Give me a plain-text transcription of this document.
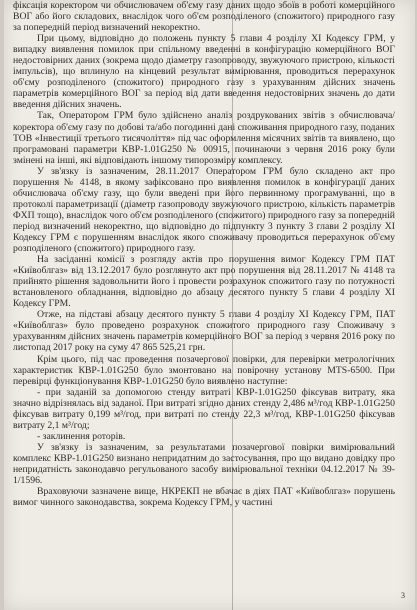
фіксація коректором чи обчислювачем об'єму газу даних щодо збоїв в роботі комерційного ВОГ або його складових, внаслідок чого об'єм розподіленого (спожитого) природного газу за попередній період визначений некоректно.

При цьому, відповідно до положень пункту 5 глави 4 розділу XI Кодексу ГРМ, у випадку виявлення помилок при спільному введенні в конфігурацію комерційного ВОГ недостовірних даних (зокрема щодо діаметру газопроводу, звужуючого пристрою, кількості імпульсів), що вплинуло на кінцевий результат вимірювання, проводиться перерахунок об'єму розподіленого (спожитого) природного газу з урахуванням дійсних значень параметрів комерційного ВОГ за період від дати введення недостовірних значень до дати введення дійсних значень.

Так, Оператором ГРМ було здійснено аналіз роздрукованих звітів з обчислювача/коректора об'єму газу по добові та/або погодинні дані споживання природного газу, поданих ТОВ «Інвестиції третього тисячоліття» під час оформлення місячних звітів та виявлено, що програмовані параметри КВР-1.01G250 № 00915, починаючи з червня 2016 року були змінені на інші, які відповідають іншому типорозміру комплексу.

У зв'язку із зазначеним, 28.11.2017 Оператором ГРМ було складено акт про порушення № 4148, в якому зафіксовано про виявлення помилок в конфігурації даних обчислювача об'єму газу, що були введені при його первинному програмуванні, що в протоколі параметризації (діаметр газопроводу звужуючого пристрою, кількість параметрів ФХП тощо), внаслідок чого об'єм розподіленого (спожитого) природного газу за попередній період визначений некоректно, що відповідно до підпункту 3 пункту 3 глави 2 розділу XI Кодексу ГРМ є порушенням внаслідок якого споживачу проводиться перерахунок об'єму розподіленого (спожитого) природного газу.

На засіданні комісії з розгляду актів про порушення вимог Кодексу ГРМ ПАТ «Київоблгаз» від 13.12.2017 було розглянуто акт про порушення від 28.11.2017 № 4148 та прийнято рішення задовольнити його і провести розрахунок спожитого газу по потужності встановленого обладнання, відповідно до абзацу десятого пункту 5 глави 4 розділу XI Кодексу ГРМ.

Отже, на підставі абзацу десятого пункту 5 глави 4 розділу XI Кодексу ГРМ, ПАТ «Київоблгаз» було проведено розрахунок спожитого природного газу Споживачу з урахуванням дійсних значень параметрів комерційного ВОГ за період з червня 2016 року по листопад 2017 року на суму 47 865 525,21 грн.

Крім цього, під час проведення позачергової повірки, для перевірки метрологічних характеристик КВР-1.01G250 було змонтовано на повірочну установу MTS-6500. При перевірці функціонування КВР-1.01G250 було виявлено наступне:

- при заданій за допомогою стенду витраті КВР-1.01G250 фіксував витрату, яка значно відрізнялась від заданої. При витраті згідно даних стенду 2,486 м³/год КВР-1.01G250 фіксував витрату 0,199 м³/год, при витраті по стенду 22,3 м³/год, КВР-1.01G250 фіксував витрату 2,1 м³/год;

- заклинення роторів.

У зв'язку із зазначеним, за результатами позачергової повірки вимірювальний комплекс КВР-1.01G250 визнано непридатним до застосування, про що видано довідку про непридатність законодавчо регульованого засобу вимірювальної техніки 04.12.2017 № 39-1/1596.

Враховуючи зазначене вище, НКРЕКП не вбачає в діях ПАТ «Київоблгаз» порушень вимог чинного законодавства, зокрема Кодексу ГРМ, у частині

3
